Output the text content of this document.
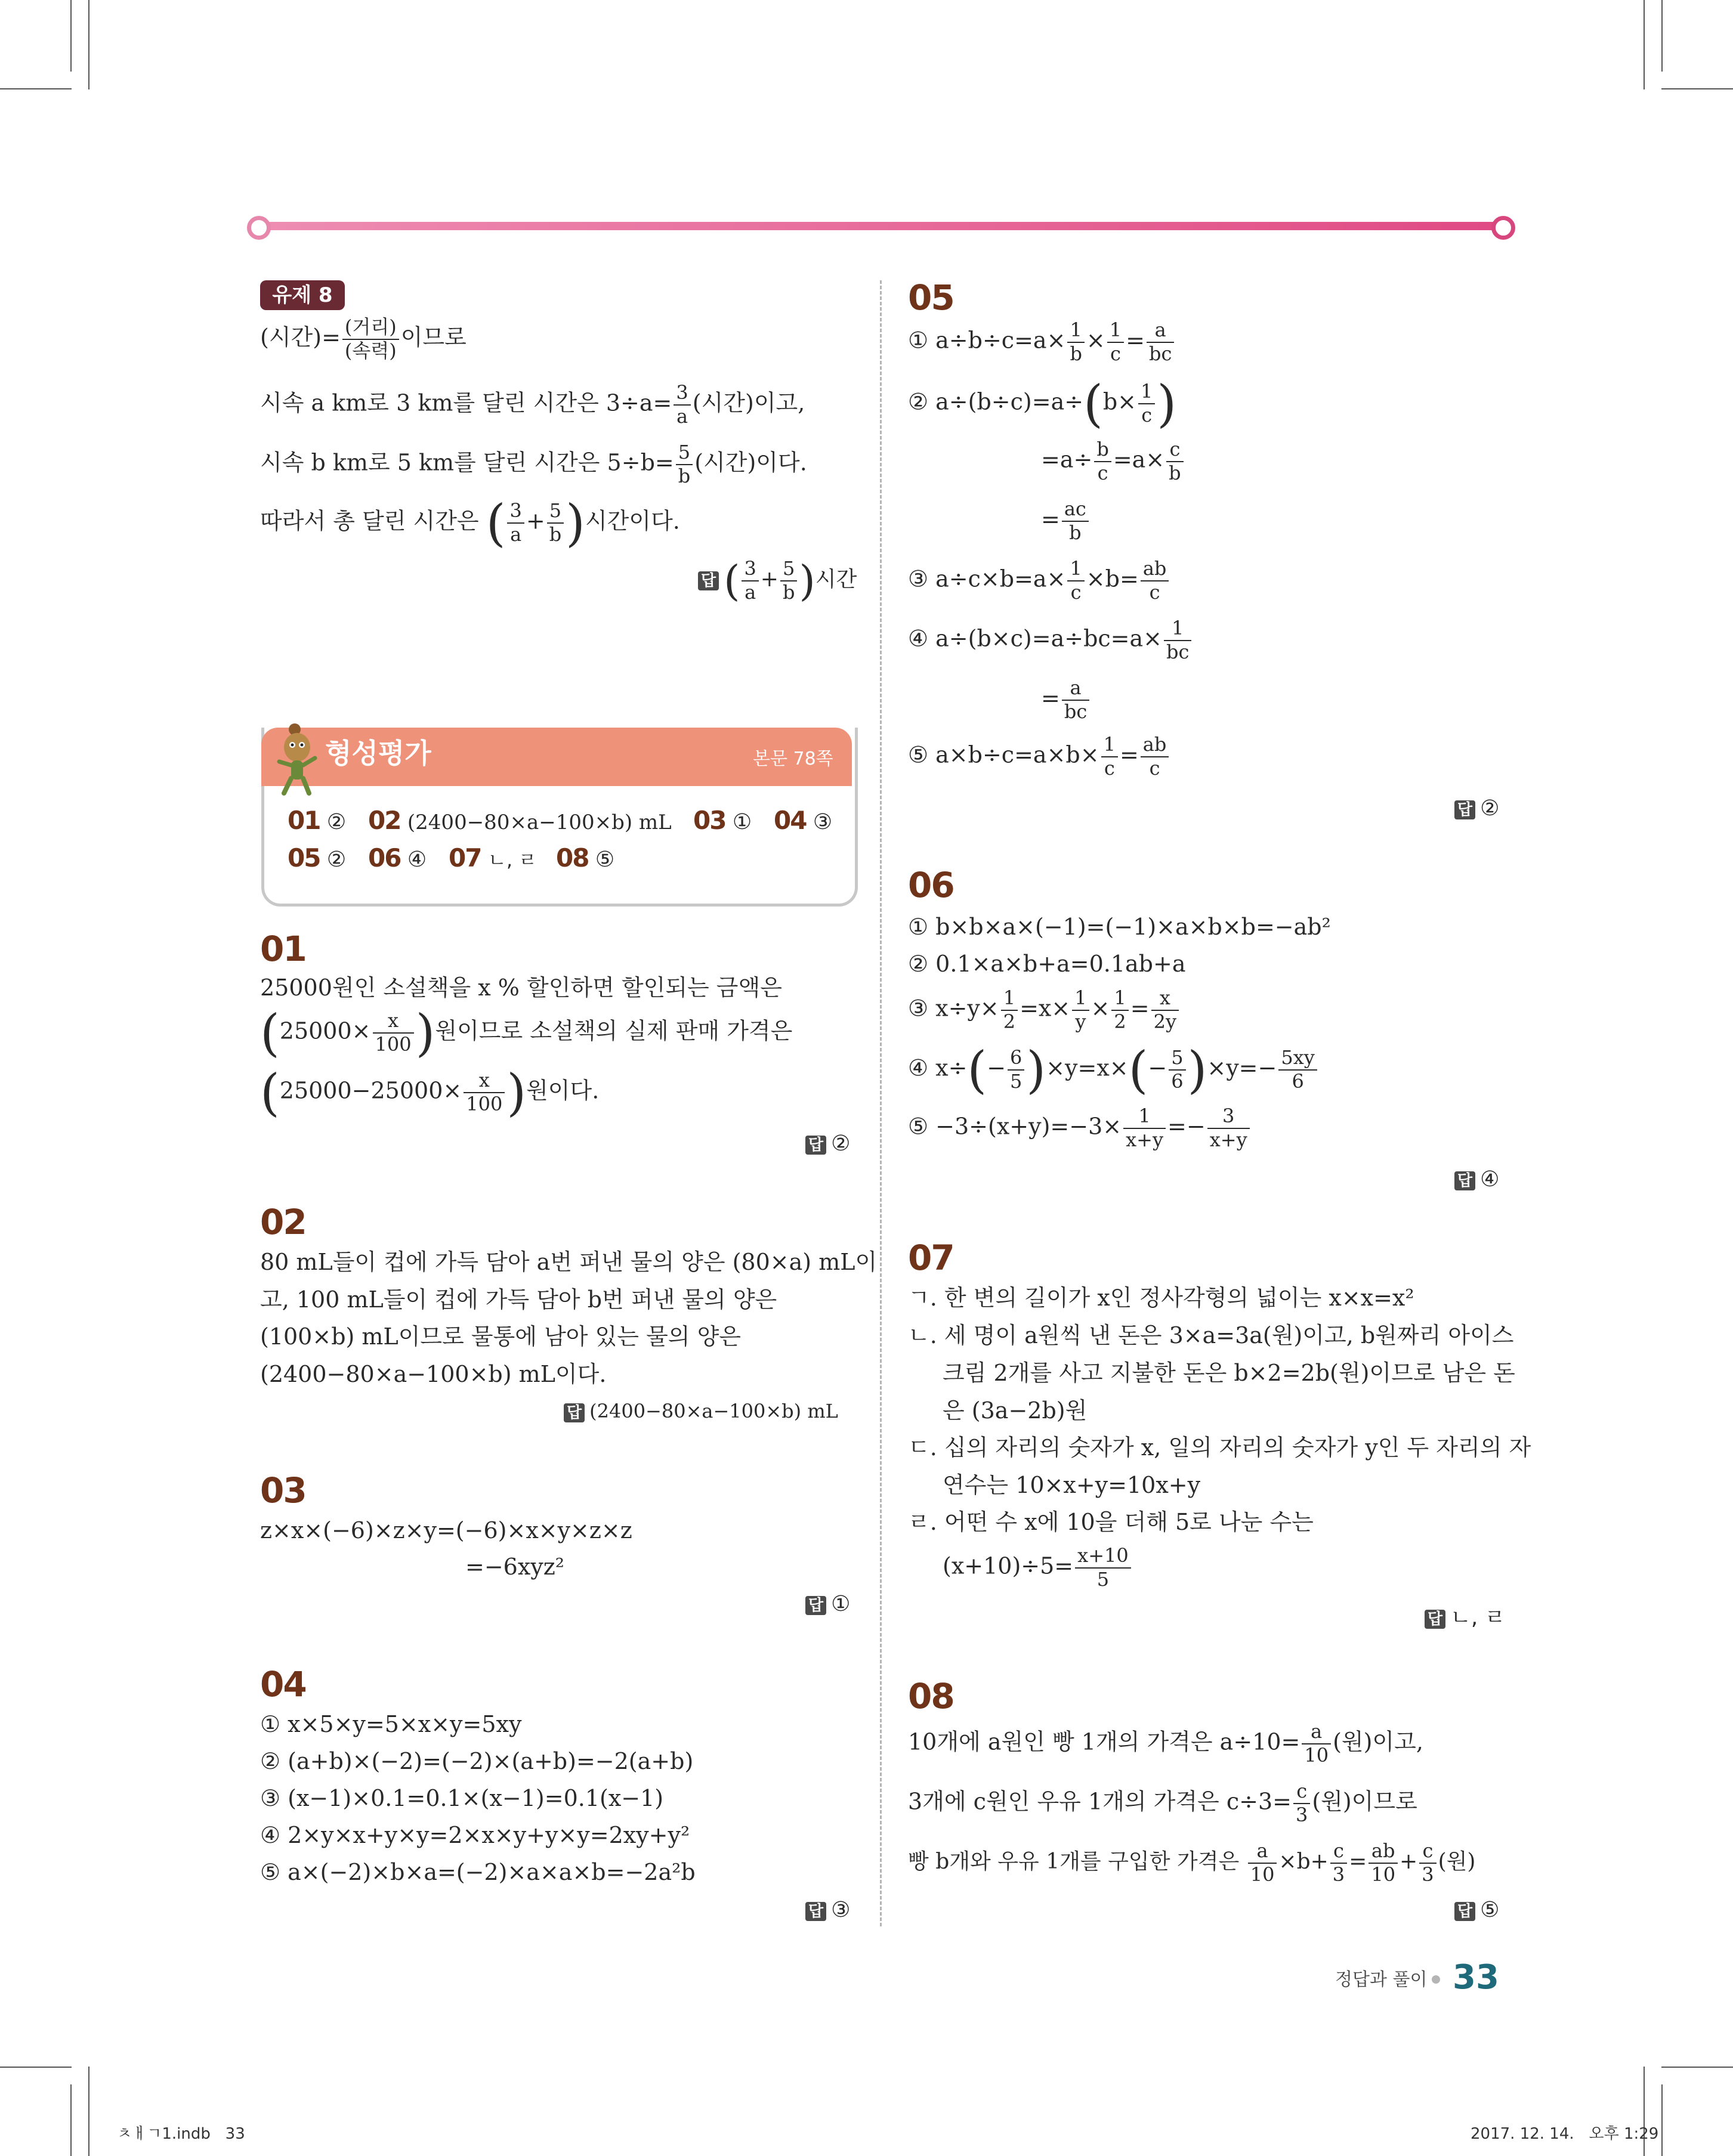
유제 8
(시간)= (거리)
(속력)
이므로
시속 a km로 3 km를 달린 시간은 $3\div a= \frac{3}{a}$ (시간)이고,
시속 b km로 5 km를 달린 시간은 $5\div b= \frac{5}{b}$ (시간)이다.
따라서 총 달린 시간은 ( $\frac{3}{a} + \frac{5}{b}$ )시간이다.
답 ( $\frac{3}{a} + \frac{5}{b}$ )시간
형성평가	본문 78쪽
01 ② 02 (2400−80×a−100×b) mL 03 ① 04 ③
05 ② 06 ④ 07 ㄴ, ㄹ 08 ⑤
01
25000원인 소설책을 x % 할인하면 할인되는 금액은
($25000\times \frac{x}{100}$ )원이므로 소설책의 실제 판매 가격은
($25000-25000\times \frac{x}{100}$ )원이다.
답 ②
02
80 mL들이 컵에 가득 담아 a번 퍼낸 물의 양은 (80×a) mL이
고, 100 mL들이 컵에 가득 담아 b번 퍼낸 물의 양은
(100×b) mL이므로 물통에 남아 있는 물의 양은
(2400−80×a−100×b) mL이다.
답 (2400−80×a−100×b) mL
03
z×x×(−6)×z×y=(−6)×x×y×z×z
=−6xyz²
답 ①
04
① x×5×y=5×x×y=5xy
② (a+b)×(−2)=(−2)×(a+b)=−2(a+b)
③ (x−1)×0.1=0.1×(x−1)=0.1(x−1)
④ 2×y×x+y×y=2×x×y+y×y=2xy+y²
⑤ a×(−2)×b×a=(−2)×a×a×b=−2a²b
답 ③
05
① $a\div b\div c=a\times \frac{1}{b} \times \frac{1}{c} = \frac{a}{bc}$
② $a\div(b\div c)=a\div(b\times \frac{1}{c}$ )
$=a\div \frac{b}{c} =a\times \frac{c}{b}$
= $\frac{ac}{b}$
③ $a\div c\times b=a\times \frac{1}{c} \times b= \frac{ab}{c}$
④ $a\div(b\times c)=a\div bc=a\times \frac{1}{bc}$
= $\frac{a}{bc}$
⑤ $a\times b\div c=a\times b\times \frac{1}{c} = \frac{ab}{c}$
답 ②
06
① b×b×a×(−1)=(−1)×a×b×b=−ab²
② 0.1×a×b+a=0.1ab+a
③ $x\div y\times \frac{1}{2} =x\times \frac{1}{y} \times \frac{1}{2} = \frac{x}{2y}$
④ $x\div(- \frac{6}{5} )\times y=x\times(- \frac{5}{6} )\times y=- \frac{5xy}{6}$
⑤ $-3\div(x+y)=-3\times \frac{1}{x+y} =- \frac{3}{x+y}$
답 ④
07
ㄱ. 한 변의 길이가 x인 정사각형의 넓이는 x×x=x²
ㄴ. 세 명이 a원씩 낸 돈은 3×a=3a(원)이고, b원짜리 아이스
크림 2개를 사고 지불한 돈은 b×2=2b(원)이므로 남은 돈
은 (3a−2b)원
ㄷ. 십의 자리의 숫자가 x, 일의 자리의 숫자가 y인 두 자리의 자
연수는 10×x+y=10x+y
ㄹ. 어떤 수 x에 10을 더해 5로 나눈 수는
$(x+10)\div 5= \frac{x+10}{5}$
답 ㄴ, ㄹ
08
10개에 a원인 빵 1개의 가격은 $a\div 10= \frac{a}{10}$ (원)이고,
3개에 c원인 우유 1개의 가격은 $c\div 3= \frac{c}{3}$ (원)이므로
빵 b개와 우유 1개를 구입한 가격은 $\frac{a}{10} \times b+ \frac{c}{3} = \frac{ab}{10} + \frac{c}{3}$ (원)
답 ⑤
정답과 풀이 33
ㅊㅐㄱ1.indb   33	2017. 12. 14.   오후 1:29
